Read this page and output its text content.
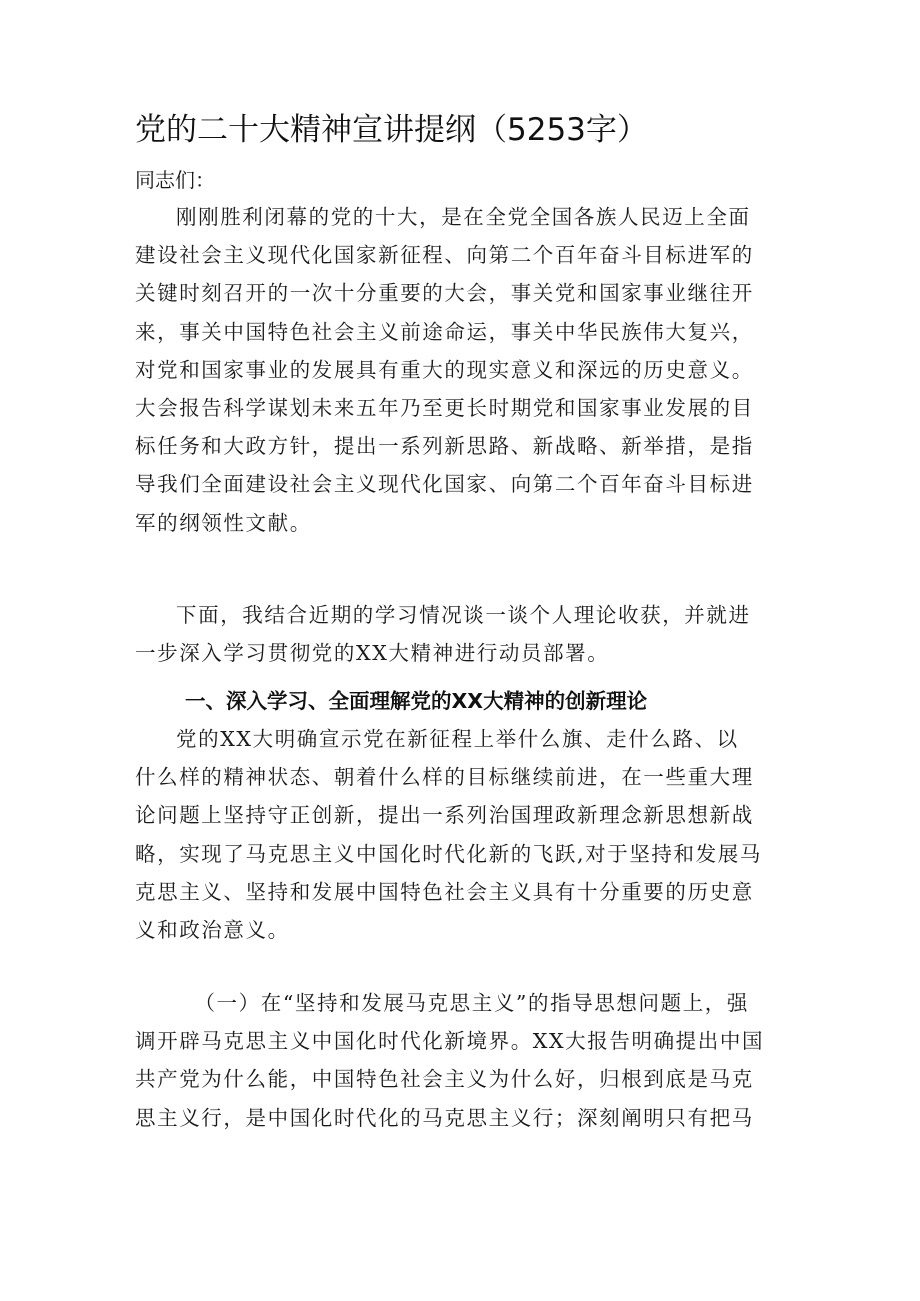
党的二十大精神宣讲提纲（5253字）
同志们：
刚刚胜利闭幕的党的十大，是在全党全国各族人民迈上全面
建设社会主义现代化国家新征程、向第二个百年奋斗目标进军的
关键时刻召开的一次十分重要的大会，事关党和国家事业继往开
来，事关中国特色社会主义前途命运，事关中华民族伟大复兴，
对党和国家事业的发展具有重大的现实意义和深远的历史意义。
大会报告科学谋划未来五年乃至更长时期党和国家事业发展的目
标任务和大政方针，提出一系列新思路、新战略、新举措，是指
导我们全面建设社会主义现代化国家、向第二个百年奋斗目标进
军的纲领性文献。
下面，我结合近期的学习情况谈一谈个人理论收获，并就进
一步深入学习贯彻党的XX大精神进行动员部署。
一、深入学习、全面理解党的XX大精神的创新理论
党的XX大明确宣示党在新征程上举什么旗、走什么路、以
什么样的精神状态、朝着什么样的目标继续前进，在一些重大理
论问题上坚持守正创新，提出一系列治国理政新理念新思想新战
略，实现了马克思主义中国化时代化新的飞跃,对于坚持和发展马
克思主义、坚持和发展中国特色社会主义具有十分重要的历史意
义和政治意义。
（一）在“坚持和发展马克思主义”的指导思想问题上，强
调开辟马克思主义中国化时代化新境界。XX大报告明确提出中国
共产党为什么能，中国特色社会主义为什么好，归根到底是马克
思主义行，是中国化时代化的马克思主义行；深刻阐明只有把马
